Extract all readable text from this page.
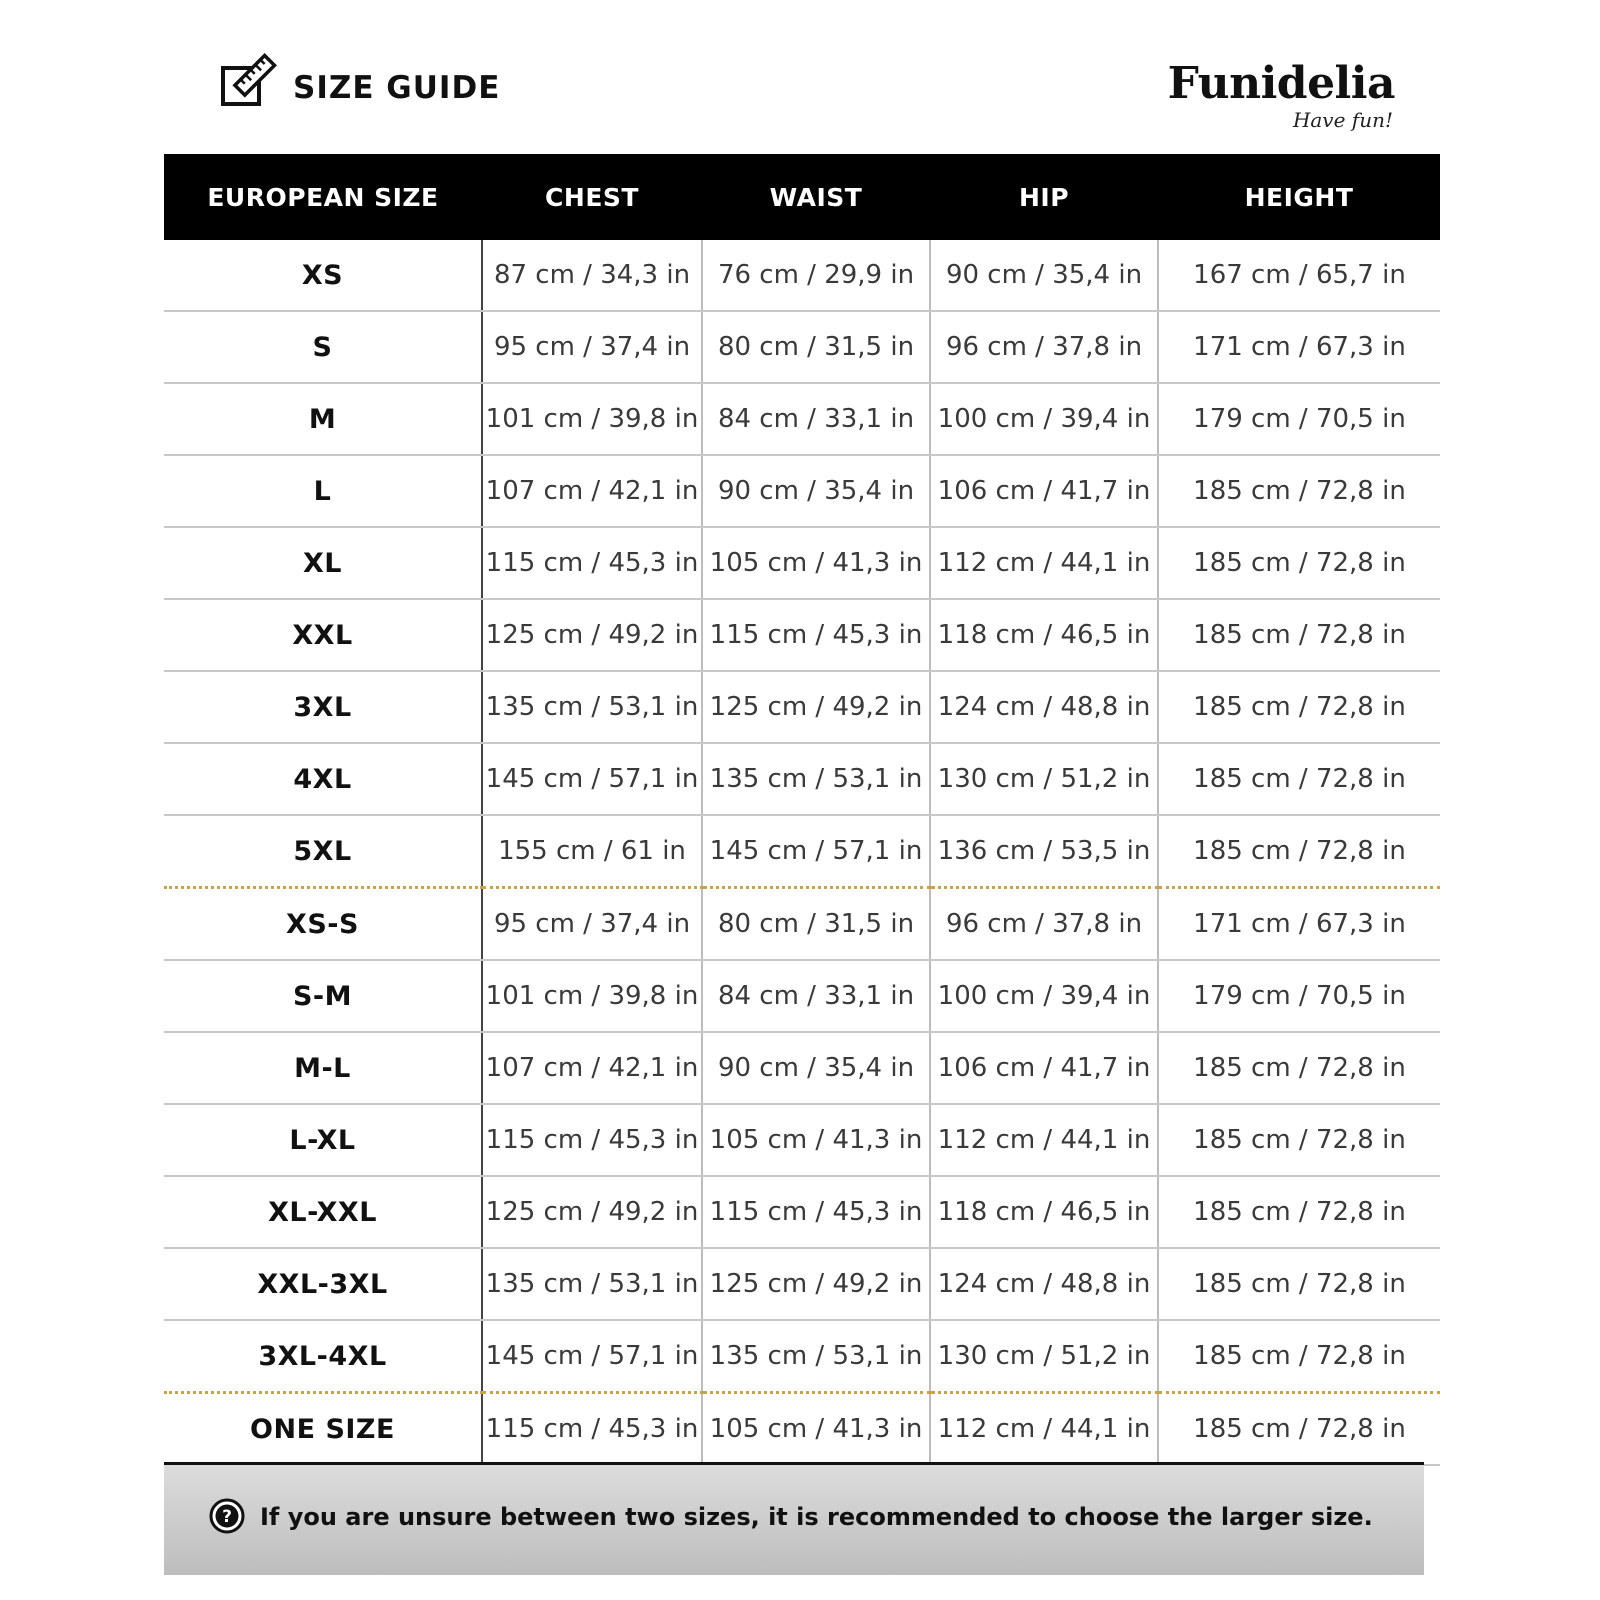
SIZE GUIDE	Funidelia
Have fun!
EUROPEAN SIZE	CHEST	WAIST	HIP	HEIGHT
XS	87 cm / 34,3 in	76 cm / 29,9 in	90 cm / 35,4 in	167 cm / 65,7 in
S	95 cm / 37,4 in	80 cm / 31,5 in	96 cm / 37,8 in	171 cm / 67,3 in
M	101 cm / 39,8 in	84 cm / 33,1 in	100 cm / 39,4 in	179 cm / 70,5 in
L	107 cm / 42,1 in	90 cm / 35,4 in	106 cm / 41,7 in	185 cm / 72,8 in
XL	115 cm / 45,3 in	105 cm / 41,3 in	112 cm / 44,1 in	185 cm / 72,8 in
XXL	125 cm / 49,2 in	115 cm / 45,3 in	118 cm / 46,5 in	185 cm / 72,8 in
3XL	135 cm / 53,1 in	125 cm / 49,2 in	124 cm / 48,8 in	185 cm / 72,8 in
4XL	145 cm / 57,1 in	135 cm / 53,1 in	130 cm / 51,2 in	185 cm / 72,8 in
5XL	155 cm / 61 in	145 cm / 57,1 in	136 cm / 53,5 in	185 cm / 72,8 in
XS-S	95 cm / 37,4 in	80 cm / 31,5 in	96 cm / 37,8 in	171 cm / 67,3 in
S-M	101 cm / 39,8 in	84 cm / 33,1 in	100 cm / 39,4 in	179 cm / 70,5 in
M-L	107 cm / 42,1 in	90 cm / 35,4 in	106 cm / 41,7 in	185 cm / 72,8 in
L-XL	115 cm / 45,3 in	105 cm / 41,3 in	112 cm / 44,1 in	185 cm / 72,8 in
XL-XXL	125 cm / 49,2 in	115 cm / 45,3 in	118 cm / 46,5 in	185 cm / 72,8 in
XXL-3XL	135 cm / 53,1 in	125 cm / 49,2 in	124 cm / 48,8 in	185 cm / 72,8 in
3XL-4XL	145 cm / 57,1 in	135 cm / 53,1 in	130 cm / 51,2 in	185 cm / 72,8 in
ONE SIZE	115 cm / 45,3 in	105 cm / 41,3 in	112 cm / 44,1 in	185 cm / 72,8 in
? If you are unsure between two sizes, it is recommended to choose the larger size.
